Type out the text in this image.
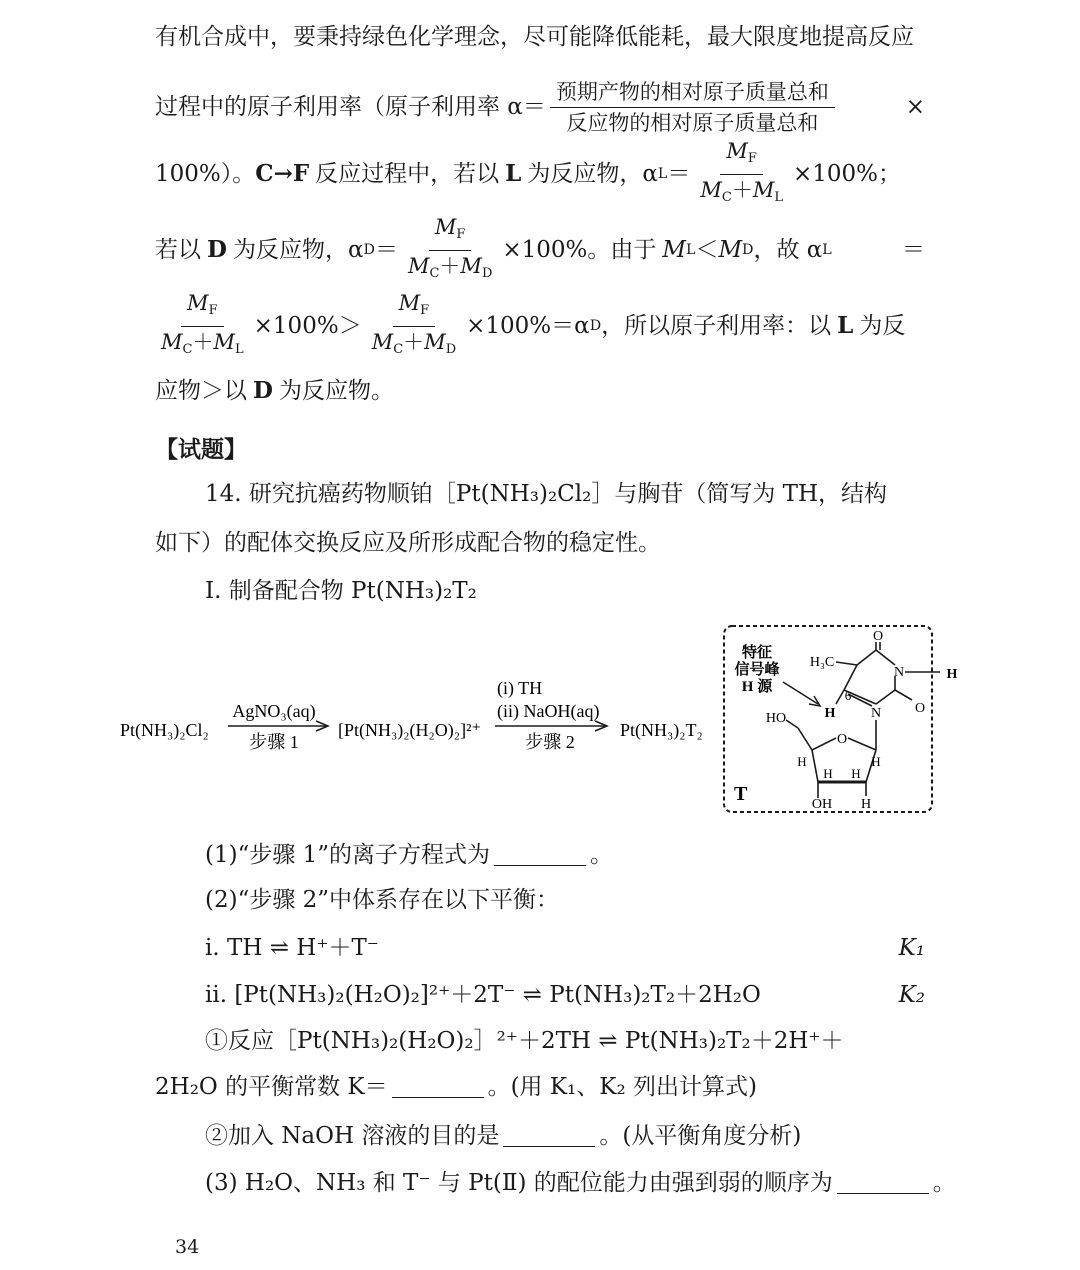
有机合成中，要秉持绿色化学理念，尽可能降低能耗，最大限度地提高反应
过程中的原子利用率（原子利用率 $\alpha= \frac{\text{预期产物的相对原子质量总和}}{\text{反应物的相对原子质量总和}}$	×
100%）。 C→F 反应过程中，若以 L 为反应物，α $L = \frac{M_F}{M_C+M_L} \times 100\%$ ；
若以 D 为反应物，α $D = \frac{M_F}{M_C+M_D} \times 100\%$ 。由于 M L ＜ M D ，故 α L	＝
$\frac{M_F}{M_C+M_L} \times 100\% > \frac{M_F}{M_C+M_D} \times 100\% =\alpha$ D ，所以原子利用率：以 L 为反
应物＞以 D 为反应物。
【试题】
14. 研究抗癌药物顺铂［Pt(NH₃)₂Cl₂］与胸苷（简写为 TH，结构
如下）的配体交换反应及所形成配合物的稳定性。
I. 制备配合物 Pt(NH₃)₂T₂
Pt(NH₃)₂Cl₂
AgNO₃(aq)
步骤 1
[Pt(NH₃)₂(H₂O)₂]²⁺
(i) TH
(ii) NaOH(aq)
步骤 2
Pt(NH₃)₂T₂
T
特征
信号峰
H 源
O
N	H
O
N
H₃C
H
6
O
HO
OH H
H
H
H H
(1)“步骤 1”的离子方程式为	。
(2)“步骤 2”中体系存在以下平衡：
i. TH ⇌ H⁺＋T⁻	K₁
ii. [Pt(NH₃)₂(H₂O)₂]²⁺＋2T⁻ ⇌ Pt(NH₃)₂T₂＋2H₂O	K₂
①反应［Pt(NH₃)₂(H₂O)₂］²⁺＋2TH ⇌ Pt(NH₃)₂T₂＋2H⁺＋
2H₂O 的平衡常数 K＝	。(用 K₁、K₂ 列出计算式)
②加入 NaOH 溶液的目的是	。(从平衡角度分析)
(3) H₂O、NH₃ 和 T⁻ 与 Pt(Ⅱ) 的配位能力由强到弱的顺序为	。
34
